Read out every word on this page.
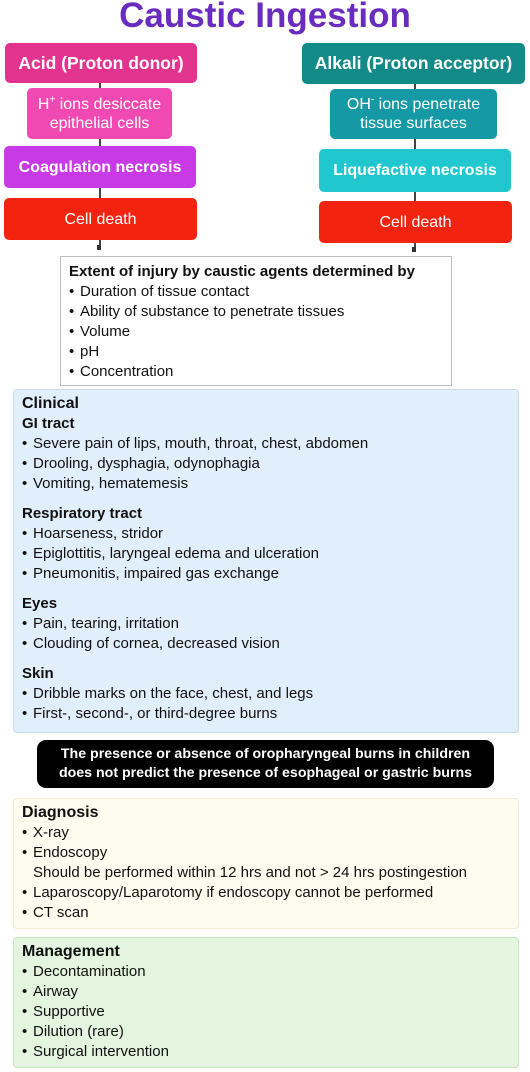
Caustic Ingestion
Acid (Proton donor)
H+ ions desiccate
epithelial cells
Coagulation necrosis
Cell death
Alkali (Proton acceptor)
OH- ions penetrate
tissue surfaces
Liquefactive necrosis
Cell death
Extent of injury by caustic agents determined by
• Duration of tissue contact
• Ability of substance to penetrate tissues
• Volume
• pH
• Concentration
Clinical
GI tract
• Severe pain of lips, mouth, throat, chest, abdomen
• Drooling, dysphagia, odynophagia
• Vomiting, hematemesis
Respiratory tract
• Hoarseness, stridor
• Epiglottitis, laryngeal edema and ulceration
• Pneumonitis, impaired gas exchange
Eyes
• Pain, tearing, irritation
• Clouding of cornea, decreased vision
Skin
• Dribble marks on the face, chest, and legs
• First-, second-, or third-degree burns
The presence or absence of oropharyngeal burns in children
does not predict the presence of esophageal or gastric burns
Diagnosis
• X-ray
• Endoscopy
Should be performed within 12 hrs and not > 24 hrs postingestion
• Laparoscopy/Laparotomy if endoscopy cannot be performed
• CT scan
Management
• Decontamination
• Airway
• Supportive
• Dilution (rare)
• Surgical intervention
